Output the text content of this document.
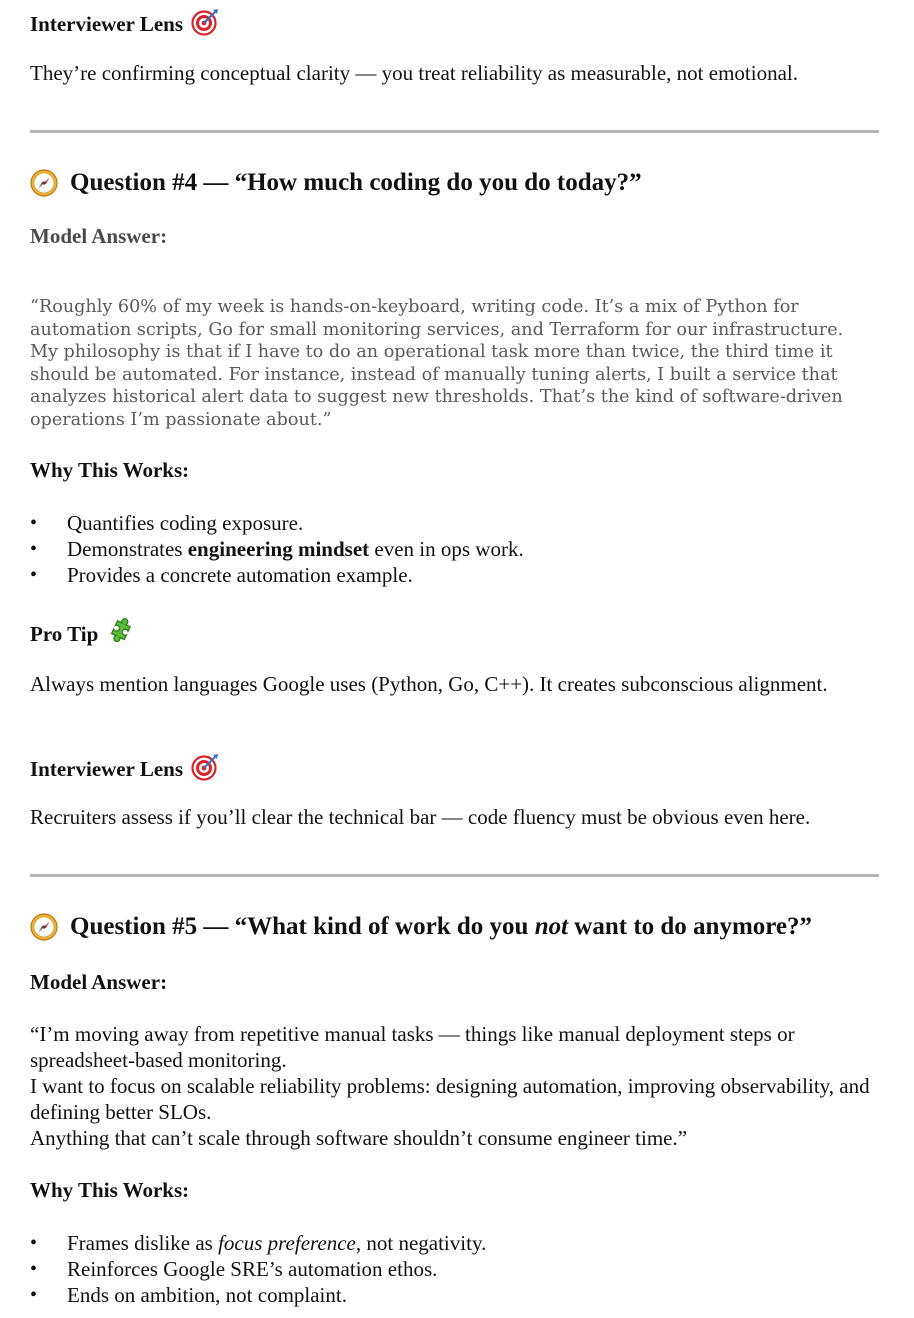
Interviewer Lens
They’re confirming conceptual clarity — you treat reliability as measurable, not emotional.
Question #4 — “How much coding do you do today?”
Model Answer:
“Roughly 60% of my week is hands-on-keyboard, writing code. It’s a mix of Python for automation scripts, Go for small monitoring services, and Terraform for our infrastructure. My philosophy is that if I have to do an operational task more than twice, the third time it should be automated. For instance, instead of manually tuning alerts, I built a service that analyzes historical alert data to suggest new thresholds. That’s the kind of software-driven operations I’m passionate about.”
Why This Works:
• Quantifies coding exposure.
• Demonstrates engineering mindset even in ops work.
• Provides a concrete automation example.
Pro Tip
Always mention languages Google uses (Python, Go, C++). It creates subconscious alignment.
Interviewer Lens
Recruiters assess if you’ll clear the technical bar — code fluency must be obvious even here.
Question #5 — “What kind of work do you not want to do anymore?”
Model Answer:
“I’m moving away from repetitive manual tasks — things like manual deployment steps or spreadsheet-based monitoring.
I want to focus on scalable reliability problems: designing automation, improving observability, and defining better SLOs.
Anything that can’t scale through software shouldn’t consume engineer time.”
Why This Works:
• Frames dislike as focus preference, not negativity.
• Reinforces Google SRE’s automation ethos.
• Ends on ambition, not complaint.
